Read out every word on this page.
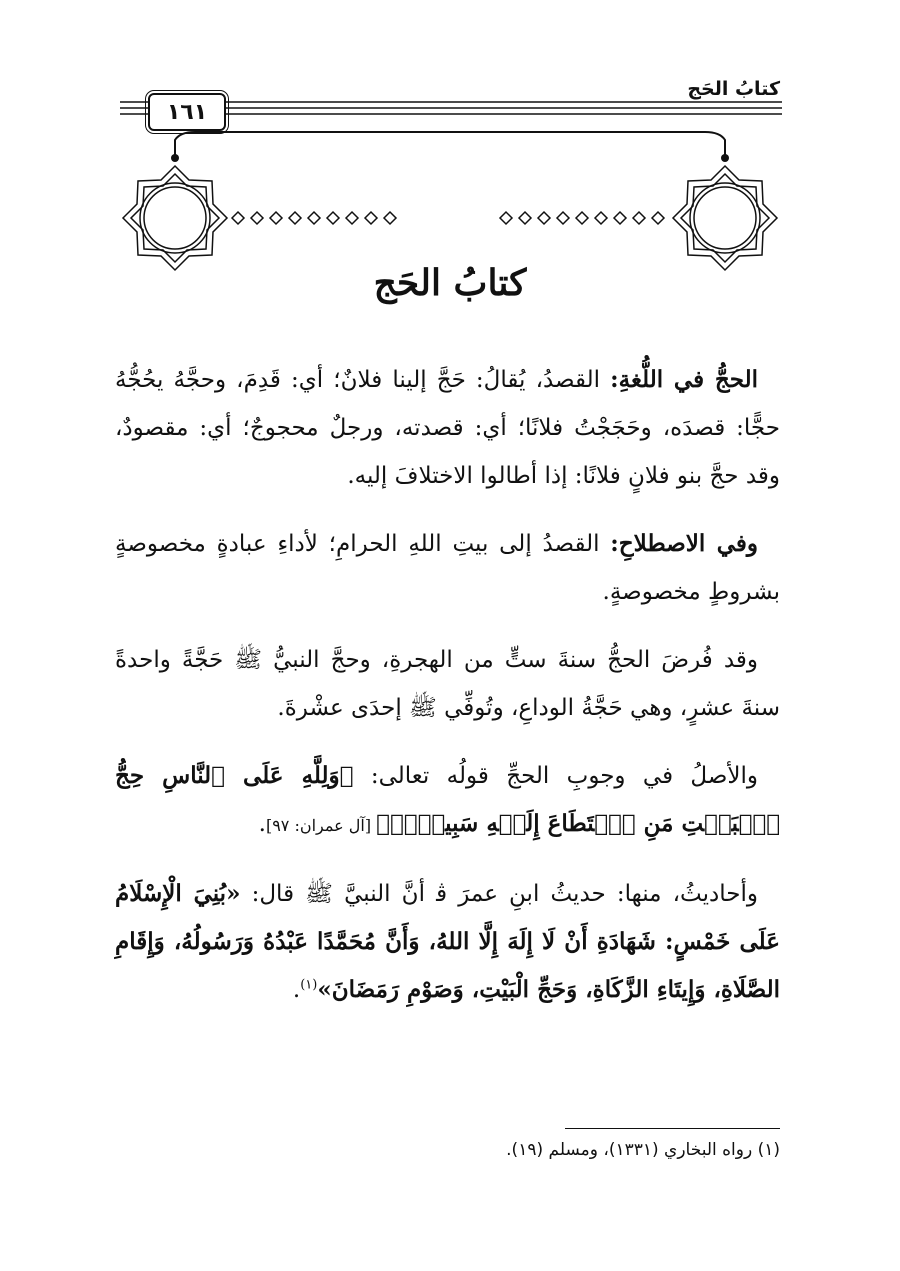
كتابُ الحَج
١٦١
كتابُ الحَج

الحجُّ في اللُّغةِ: القصدُ، يُقالُ: حَجَّ إلينا فلانٌ؛ أي: قَدِمَ، وحجَّهُ يحُجُّهُ حجًّا: قصدَه، وحَجَجْتُ فلانًا؛ أي: قصدته، ورجلٌ محجوجٌ؛ أي: مقصودٌ، وقد حجَّ بنو فلانٍ فلانًا: إذا أطالوا الاختلافَ إليه.

وفي الاصطلاحِ: القصدُ إلى بيتِ اللهِ الحرامِ؛ لأداءِ عبادةٍ مخصوصةٍ بشروطٍ مخصوصةٍ.

وقد فُرضَ الحجُّ سنةَ ستٍّ من الهجرةِ، وحجَّ النبيُّ ﷺ حَجَّةً واحدةً سنةَ عشرٍ، وهي حَجَّةُ الوداعِ، وتُوفِّي ﷺ إحدَى عشْرةَ.

والأصلُ في وجوبِ الحجِّ قولُه تعالى: ﴿وَلِلَّهِ عَلَى ٱلنَّاسِ حِجُّ ٱلۡبَيۡتِ مَنِ ٱسۡتَطَاعَ إِلَيۡهِ سَبِيلٗاۚ﴾ [آل عمران: ٩٧].

وأحاديثُ، منها: حديثُ ابنِ عمرَ ﭬ أنَّ النبيَّ ﷺ قال: «بُنِيَ الْإِسْلَامُ عَلَى خَمْسٍ: شَهَادَةِ أَنْ لَا إِلَهَ إِلَّا اللهُ، وَأَنَّ مُحَمَّدًا عَبْدُهُ وَرَسُولُهُ، وَإِقَامِ الصَّلَاةِ، وَإِيتَاءِ الزَّكَاةِ، وَحَجِّ الْبَيْتِ، وَصَوْمِ رَمَضَانَ»$^{(١)}$.

(١) رواه البخاري (١٣٣١)، ومسلم (١٩).
